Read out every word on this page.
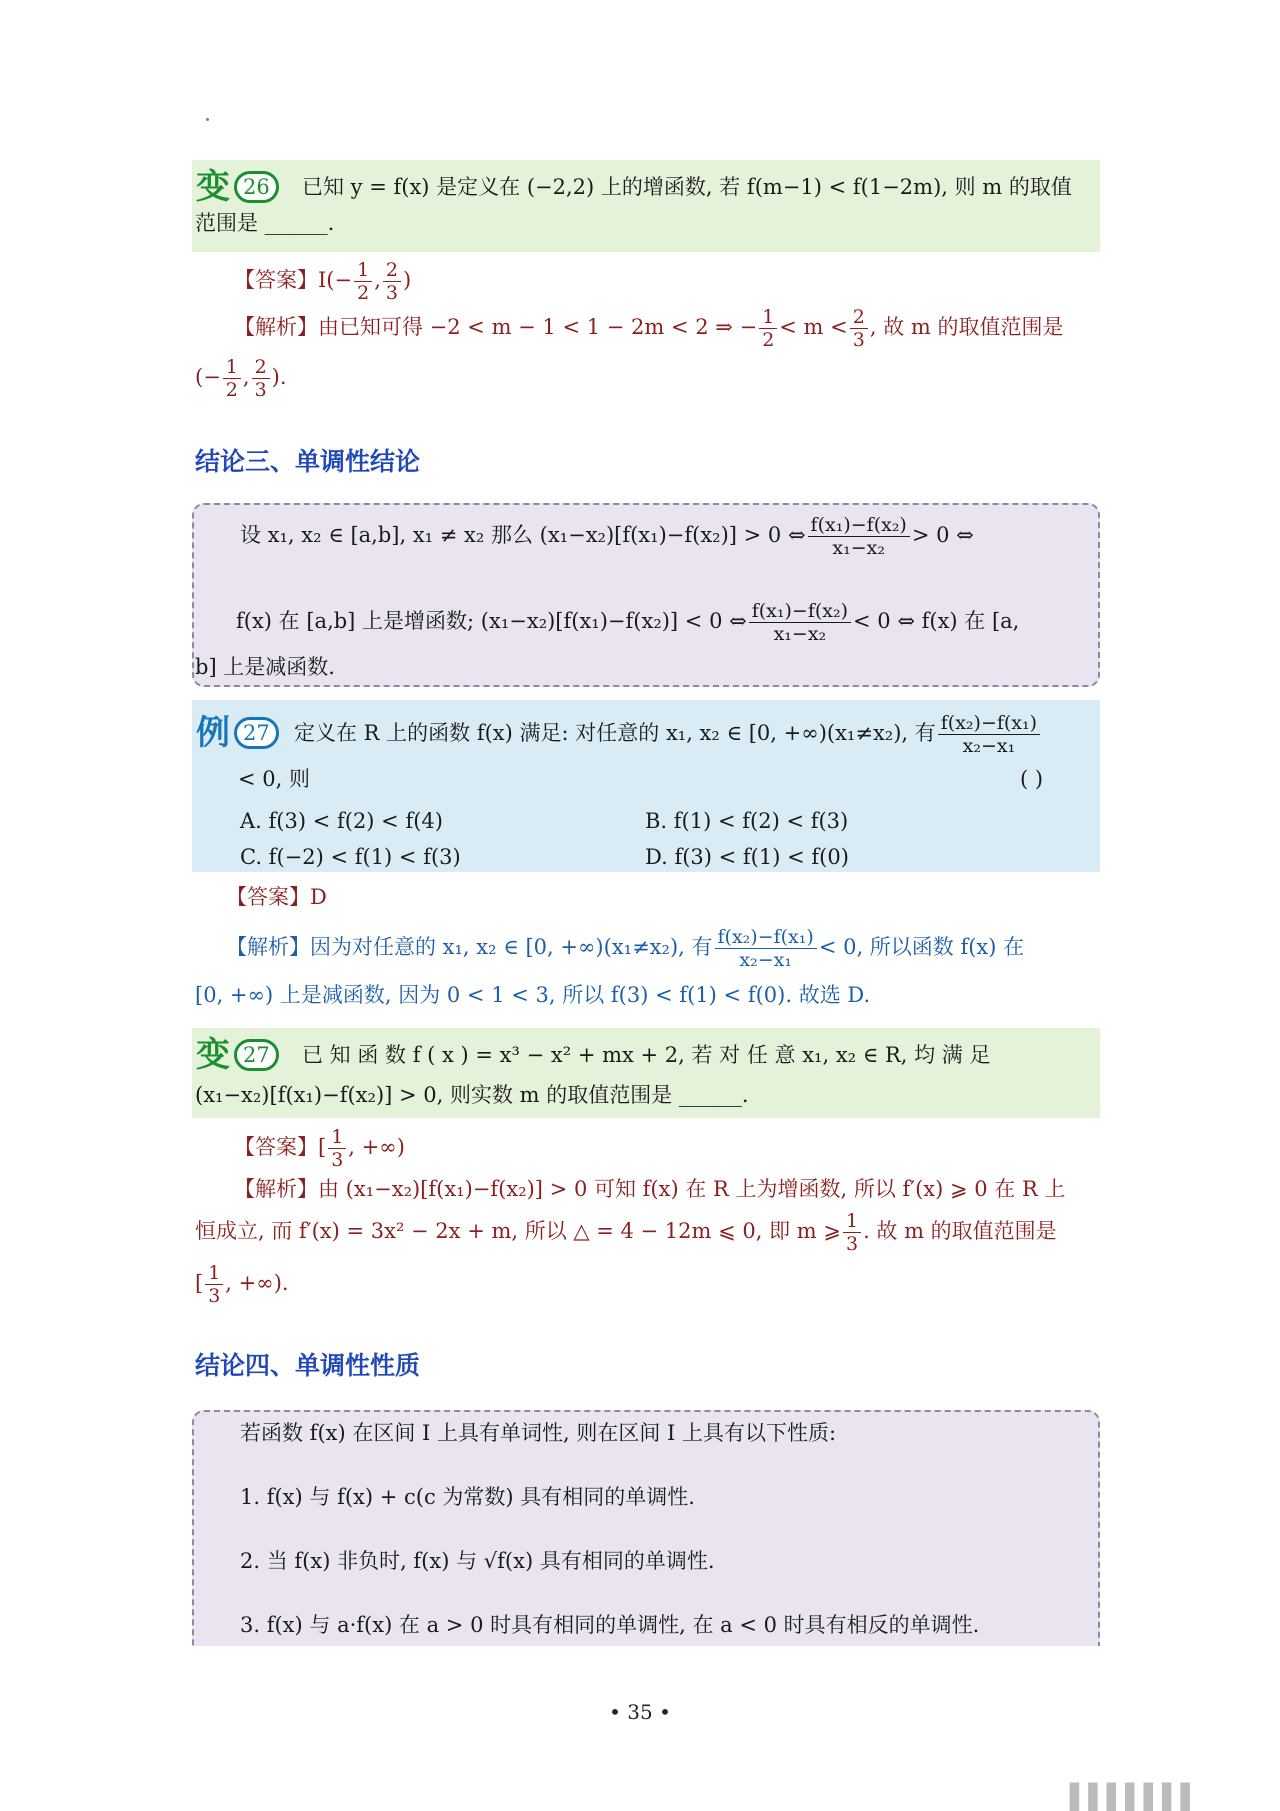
变 26	已知 y = f(x) 是定义在 (−2,2) 上的增函数, 若 f(m−1) < f(1−2m), 则 m 的取值
范围是 ______.
【答案】$I(- \frac{1}{2}$ , $\frac{2}{3}$ )
【解析】由已知可得 −2 < m − 1 < 1 − 2m < 2 ⇒ − $\frac{1}{2} < m < \frac{2}{3}$ , 故 m 的取值范围是
(− $\frac{1}{2}$ , $\frac{2}{3}$ ).
结论三、单调性结论
设 x₁, x₂ ∈ [a,b], x₁ ≠ x₂ 那么 (x₁−x₂)[f(x₁)−f(x₂)] > 0 ⇔ $\frac{\text{f(x₁)−f(x₂)}}{\text{x₁−x₂}} > 0$ ⇔
f(x) 在 [a,b] 上是增函数; (x₁−x₂)[f(x₁)−f(x₂)] < 0 ⇔ $\frac{\text{f(x₁)−f(x₂)}}{\text{x₁−x₂}} < 0$ ⇔ f(x) 在 [a,
b] 上是减函数.
例 27	定义在 R 上的函数 f(x) 满足: 对任意的 x₁, x₂ ∈ [0, +∞)(x₁≠x₂), 有 $\frac{\text{f(x₂)−f(x₁)}}{\text{x₂−x₁}}$
< 0, 则	( )
A. f(3) < f(2) < f(4)	B. f(1) < f(2) < f(3)
C. f(−2) < f(1) < f(3)	D. f(3) < f(1) < f(0)
【答案】D
【解析】因为对任意的 x₁, x₂ ∈ [0, +∞)(x₁≠x₂), 有 $\frac{\text{f(x₂)−f(x₁)}}{\text{x₂−x₁}} < 0$, 所以函数 f(x) 在
[0, +∞) 上是减函数, 因为 0 < 1 < 3, 所以 f(3) < f(1) < f(0). 故选 D.
变 27	已 知 函 数 f ( x ) = x³ − x² + mx + 2, 若 对 任 意 x₁, x₂ ∈ R, 均 满 足
(x₁−x₂)[f(x₁)−f(x₂)] > 0, 则实数 m 的取值范围是 ______.
【答案】[ $\frac{1}{3}$ , +∞)
【解析】由 (x₁−x₂)[f(x₁)−f(x₂)] > 0 可知 f(x) 在 R 上为增函数, 所以 f′(x) ⩾ 0 在 R 上
恒成立, 而 f′(x) = 3x² − 2x + m, 所以 △ = 4 − 12m ⩽ 0, 即 m ⩾ $\frac{1}{3}$ . 故 m 的取值范围是
[ $\frac{1}{3}$ , +∞).
结论四、单调性性质
若函数 f(x) 在区间 I 上具有单词性, 则在区间 I 上具有以下性质:
1. f(x) 与 f(x) + c(c 为常数) 具有相同的单调性.
2. 当 f(x) 非负时, f(x) 与 √f(x) 具有相同的单调性.
3. f(x) 与 a·f(x) 在 a > 0 时具有相同的单调性, 在 a < 0 时具有相反的单调性.
• 35 •
▌▌▌▌▌▌▌
